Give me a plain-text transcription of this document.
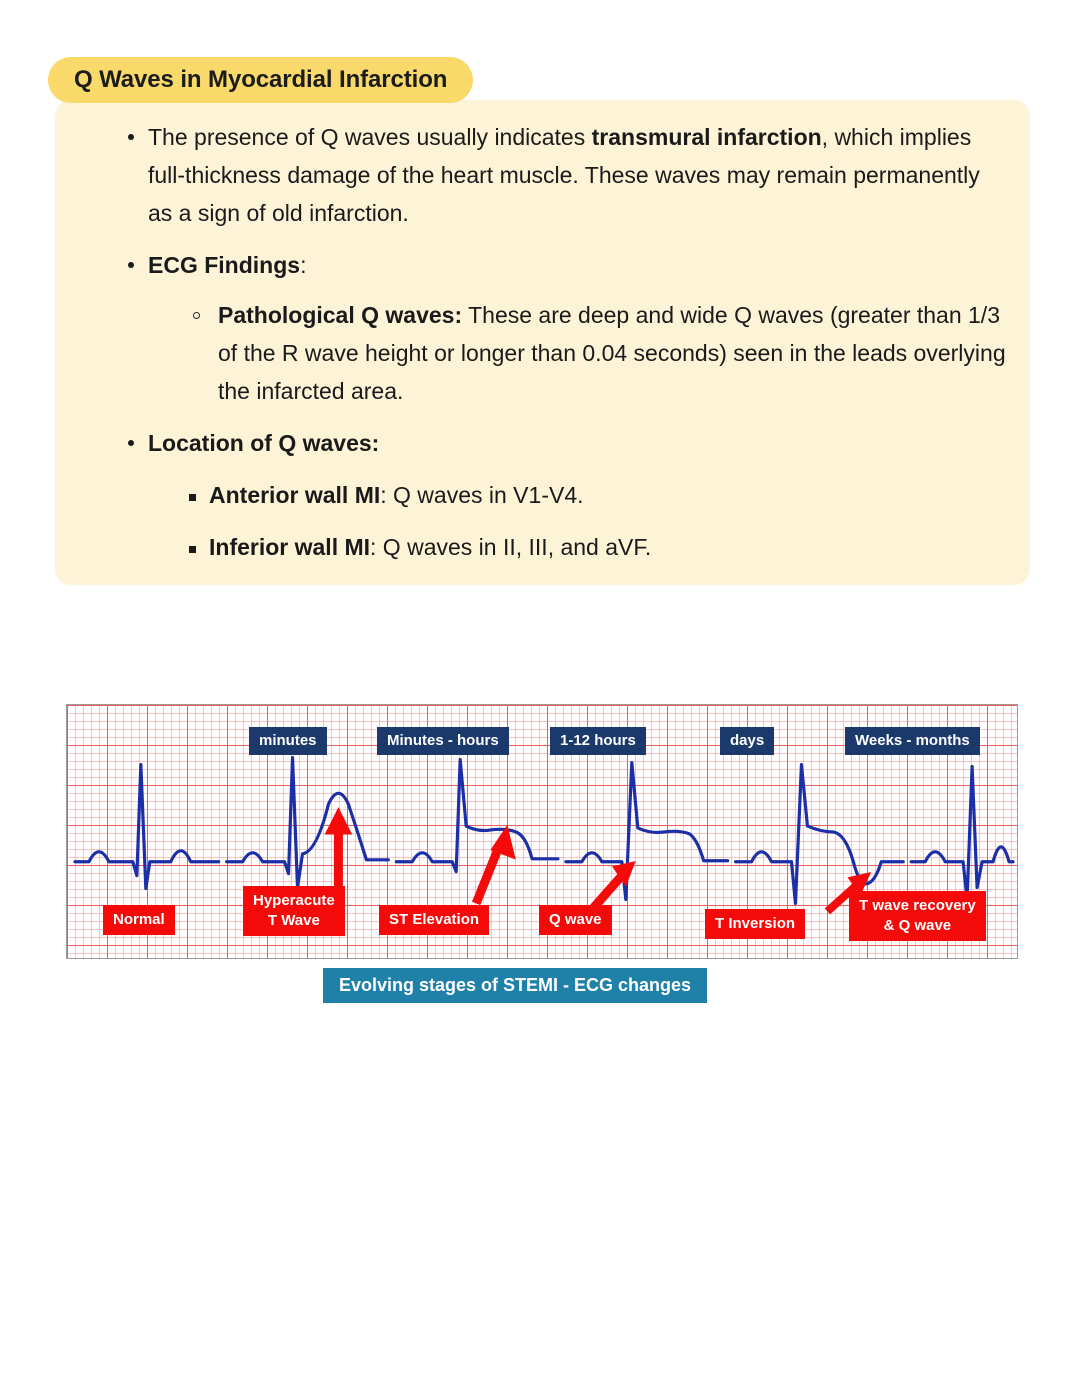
Q Waves in Myocardial Infarction
The presence of Q waves usually indicates transmural infarction, which implies full-thickness damage of the heart muscle. These waves may remain permanently as a sign of old infarction.
ECG Findings:
Pathological Q waves: These are deep and wide Q waves (greater than 1/3 of the R wave height or longer than 0.04 seconds) seen in the leads overlying the infarcted area.
Location of Q waves:
Anterior wall MI: Q waves in V1-V4.
Inferior wall MI: Q waves in II, III, and aVF.
minutes	Minutes - hours	1-12 hours	days	Weeks - months
Normal
Hyperacute
T Wave	ST Elevation	Q wave	T Inversion
T wave recovery
& Q wave
Evolving stages of STEMI - ECG changes
